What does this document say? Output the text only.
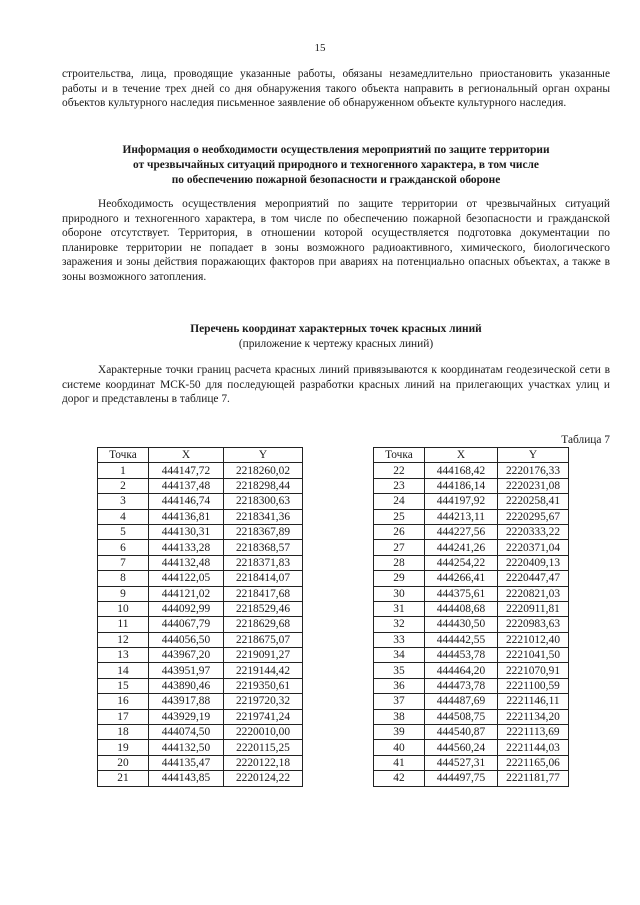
15
строительства, лица, проводящие указанные работы, обязаны незамедлительно приостановить указанные работы и в течение трех дней со дня обнаружения такого объекта направить в региональный орган охраны объектов культурного наследия письменное заявление об обнаруженном объекте культурного наследия.
Информация о необходимости осуществления мероприятий по защите территории
от чрезвычайных ситуаций природного и техногенного характера, в том числе
по обеспечению пожарной безопасности и гражданской обороне
Необходимость осуществления мероприятий по защите территории от чрезвычайных ситуаций природного и техногенного характера, в том числе по обеспечению пожарной безопасности и гражданской обороне отсутствует. Территория, в отношении которой осуществляется подготовка документации по планировке территории не попадает в зоны возможного радиоактивного, химического, биологического заражения и зоны действия поражающих факторов при авариях на потенциально опасных объектах, а также в зоны возможного затопления.
Перечень координат характерных точек красных линий
(приложение к чертежу красных линий)
Характерные точки границ расчета красных линий привязываются к координатам геодезической сети в системе координат МСК-50 для последующей разработки красных линий на прилегающих участках улиц и дорог и представлены в таблице 7.
Таблица 7
Точка	X	Y
1	444147,72	2218260,02
2	444137,48	2218298,44
3	444146,74	2218300,63
4	444136,81	2218341,36
5	444130,31	2218367,89
6	444133,28	2218368,57
7	444132,48	2218371,83
8	444122,05	2218414,07
9	444121,02	2218417,68
10	444092,99	2218529,46
11	444067,79	2218629,68
12	444056,50	2218675,07
13	443967,20	2219091,27
14	443951,97	2219144,42
15	443890,46	2219350,61
16	443917,88	2219720,32
17	443929,19	2219741,24
18	444074,50	2220010,00
19	444132,50	2220115,25
20	444135,47	2220122,18
21	444143,85	2220124,22
Точка	X	Y
22	444168,42	2220176,33
23	444186,14	2220231,08
24	444197,92	2220258,41
25	444213,11	2220295,67
26	444227,56	2220333,22
27	444241,26	2220371,04
28	444254,22	2220409,13
29	444266,41	2220447,47
30	444375,61	2220821,03
31	444408,68	2220911,81
32	444430,50	2220983,63
33	444442,55	2221012,40
34	444453,78	2221041,50
35	444464,20	2221070,91
36	444473,78	2221100,59
37	444487,69	2221146,11
38	444508,75	2221134,20
39	444540,87	2221113,69
40	444560,24	2221144,03
41	444527,31	2221165,06
42	444497,75	2221181,77
